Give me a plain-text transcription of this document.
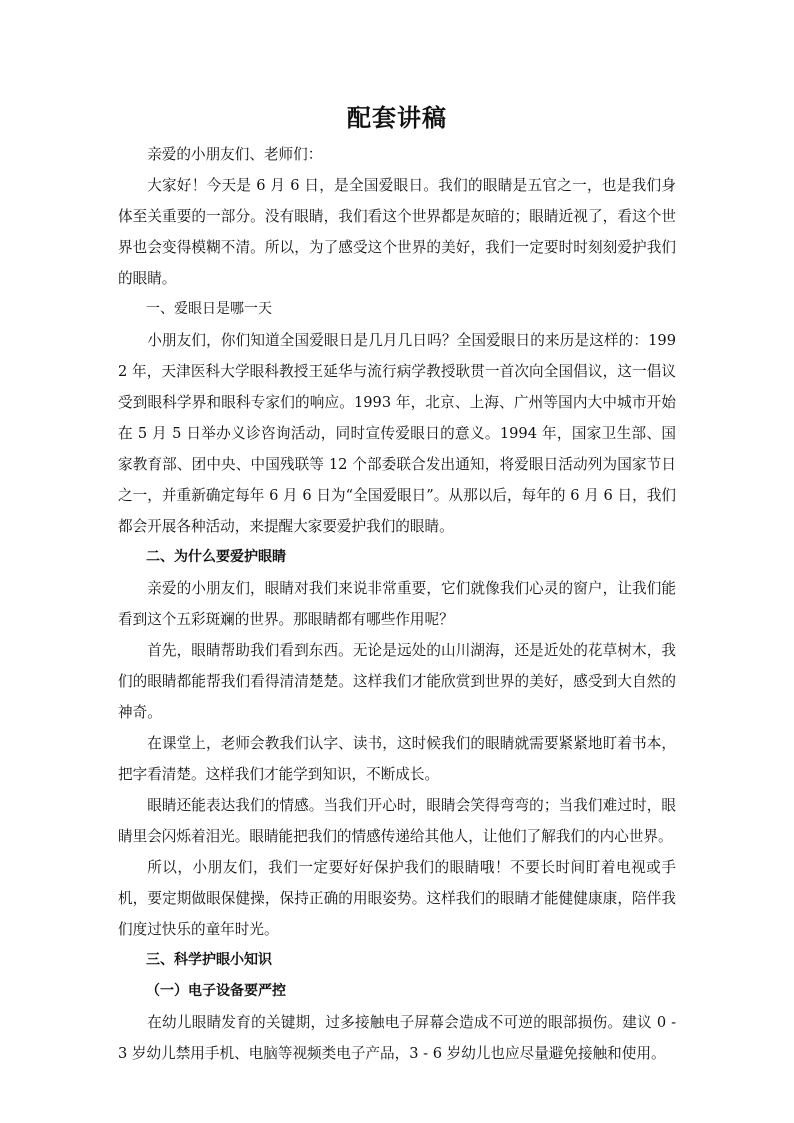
配套讲稿

亲爱的小朋友们、老师们：

大家好！今天是 6 月 6 日，是全国爱眼日。我们的眼睛是五官之一，也是我们身体至关重要的一部分。没有眼睛，我们看这个世界都是灰暗的；眼睛近视了，看这个世界也会变得模糊不清。所以，为了感受这个世界的美好，我们一定要时时刻刻爱护我们的眼睛。

一、爱眼日是哪一天

小朋友们，你们知道全国爱眼日是几月几日吗？全国爱眼日的来历是这样的：1992 年，天津医科大学眼科教授王延华与流行病学教授耿贯一首次向全国倡议，这一倡议受到眼科学界和眼科专家们的响应。1993 年，北京、上海、广州等国内大中城市开始在 5 月 5 日举办义诊咨询活动，同时宣传爱眼日的意义。1994 年，国家卫生部、国家教育部、团中央、中国残联等 12 个部委联合发出通知，将爱眼日活动列为国家节日之一，并重新确定每年 6 月 6 日为“全国爱眼日”。从那以后，每年的 6 月 6 日，我们都会开展各种活动，来提醒大家要爱护我们的眼睛。

二、为什么要爱护眼睛

亲爱的小朋友们，眼睛对我们来说非常重要，它们就像我们心灵的窗户，让我们能看到这个五彩斑斓的世界。那眼睛都有哪些作用呢？

首先，眼睛帮助我们看到东西。无论是远处的山川湖海，还是近处的花草树木，我们的眼睛都能帮我们看得清清楚楚。这样我们才能欣赏到世界的美好，感受到大自然的神奇。

在课堂上，老师会教我们认字、读书，这时候我们的眼睛就需要紧紧地盯着书本，把字看清楚。这样我们才能学到知识，不断成长。

眼睛还能表达我们的情感。当我们开心时，眼睛会笑得弯弯的；当我们难过时，眼睛里会闪烁着泪光。眼睛能把我们的情感传递给其他人，让他们了解我们的内心世界。

所以，小朋友们，我们一定要好好保护我们的眼睛哦！不要长时间盯着电视或手机，要定期做眼保健操，保持正确的用眼姿势。这样我们的眼睛才能健健康康，陪伴我们度过快乐的童年时光。

三、科学护眼小知识

（一）电子设备要严控

在幼儿眼睛发育的关键期，过多接触电子屏幕会造成不可逆的眼部损伤。建议 0 - 3 岁幼儿禁用手机、电脑等视频类电子产品，3 - 6 岁幼儿也应尽量避免接触和使用。
